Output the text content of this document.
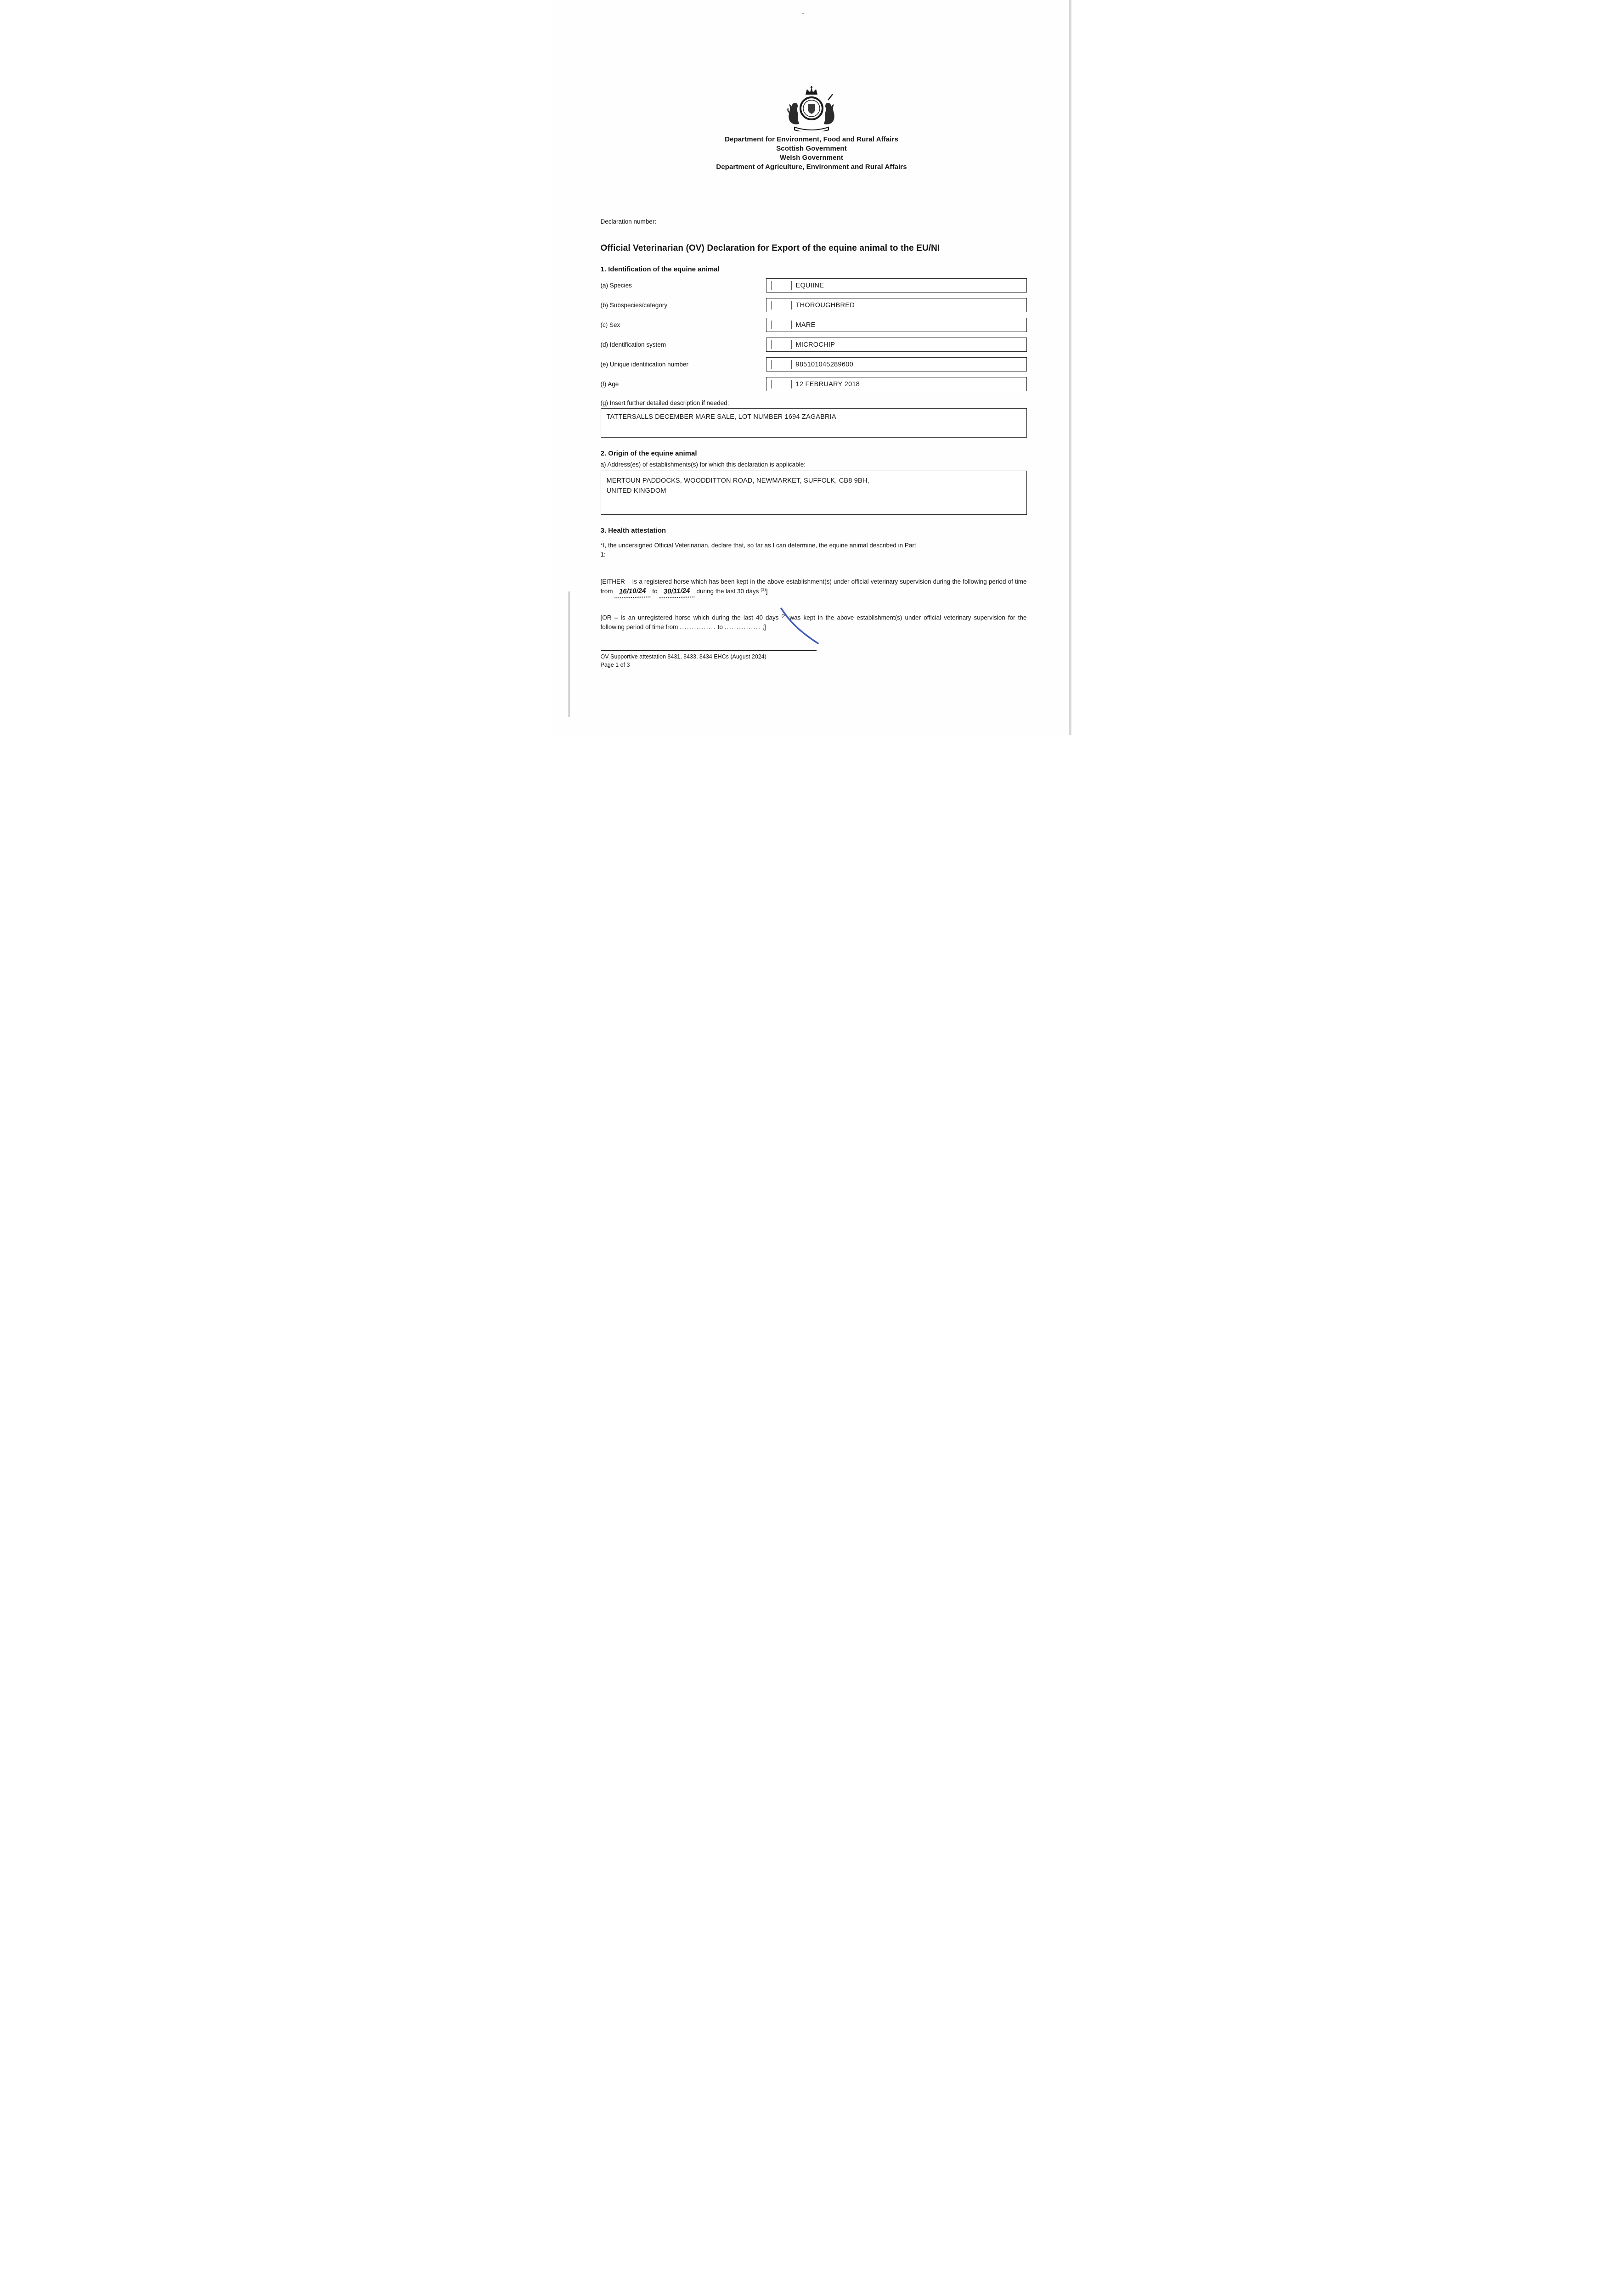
Department for Environment, Food and Rural Affairs
Scottish Government
Welsh Government
Department of Agriculture, Environment and Rural Affairs
Declaration number:
Official Veterinarian (OV) Declaration for Export of the equine animal to the EU/NI
1. Identification of the equine animal
(a) Species	EQUIINE
(b) Subspecies/category	THOROUGHBRED
(c) Sex	MARE
(d) Identification system	MICROCHIP
(e) Unique identification number	985101045289600
(f) Age	12 FEBRUARY 2018
(g) Insert further detailed description if needed:
TATTERSALLS DECEMBER MARE SALE, LOT NUMBER 1694 ZAGABRIA
2. Origin of the equine animal
a) Address(es) of establishments(s) for which this declaration is applicable:
MERTOUN PADDOCKS, WOODDITTON ROAD, NEWMARKET, SUFFOLK, CB8 9BH,
UNITED KINGDOM
3. Health attestation
*I, the undersigned Official Veterinarian, declare that, so far as I can determine, the equine animal described in Part
1:

[EITHER – Is a registered horse which has been kept in the above establishment(s) under official veterinary supervision during the following period of time from 16/10/24 to 30/11/24 during the last 30 days $^{(1)}$]

[OR – Is an unregistered horse which during the last 40 days $^{(2)}$ was kept in the above establishment(s) under official veterinary supervision for the following period of time from ............... to ............... ;]

OV Supportive attestation 8431, 8433, 8434 EHCs (August 2024)
Page 1 of 3
